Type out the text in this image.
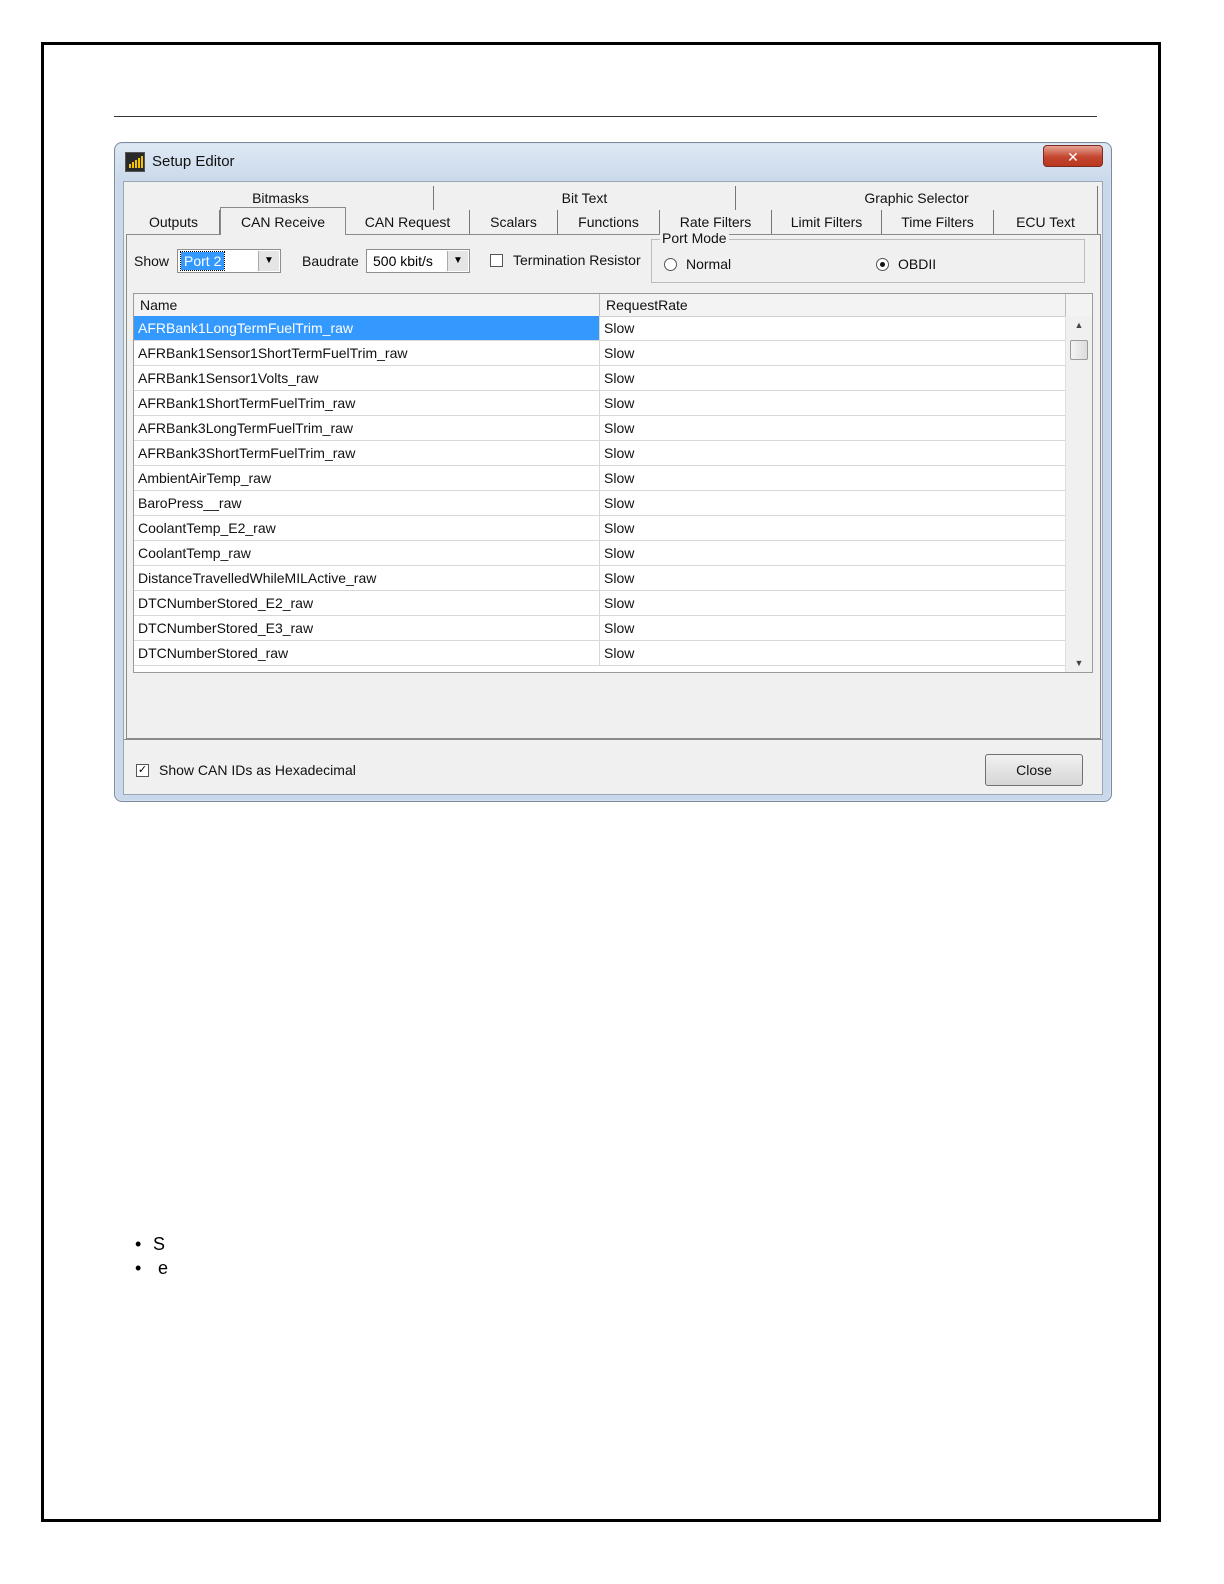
Setup Editor	✕
Bitmasks	Bit Text	Graphic Selector
Outputs	CAN Receive	CAN Request	Scalars	Functions	Rate Filters	Limit Filters	Time Filters	ECU Text
Show Port 2	▼	Baudrate 500 kbit/s	▼	Termination Resistor
Port Mode
Normal	OBDII
Name	RequestRate
AFRBank1LongTermFuelTrim_raw	Slow
AFRBank1Sensor1ShortTermFuelTrim_raw	Slow
AFRBank1Sensor1Volts_raw	Slow
AFRBank1ShortTermFuelTrim_raw	Slow
AFRBank3LongTermFuelTrim_raw	Slow
AFRBank3ShortTermFuelTrim_raw	Slow
AmbientAirTemp_raw	Slow
BaroPress__raw	Slow
CoolantTemp_E2_raw	Slow
CoolantTemp_raw	Slow
DistanceTravelledWhileMILActive_raw	Slow
DTCNumberStored_E2_raw	Slow
DTCNumberStored_E3_raw	Slow
DTCNumberStored_raw	Slow
▲
▼
✓ Show CAN IDs as Hexadecimal	Close
• S
•  e
